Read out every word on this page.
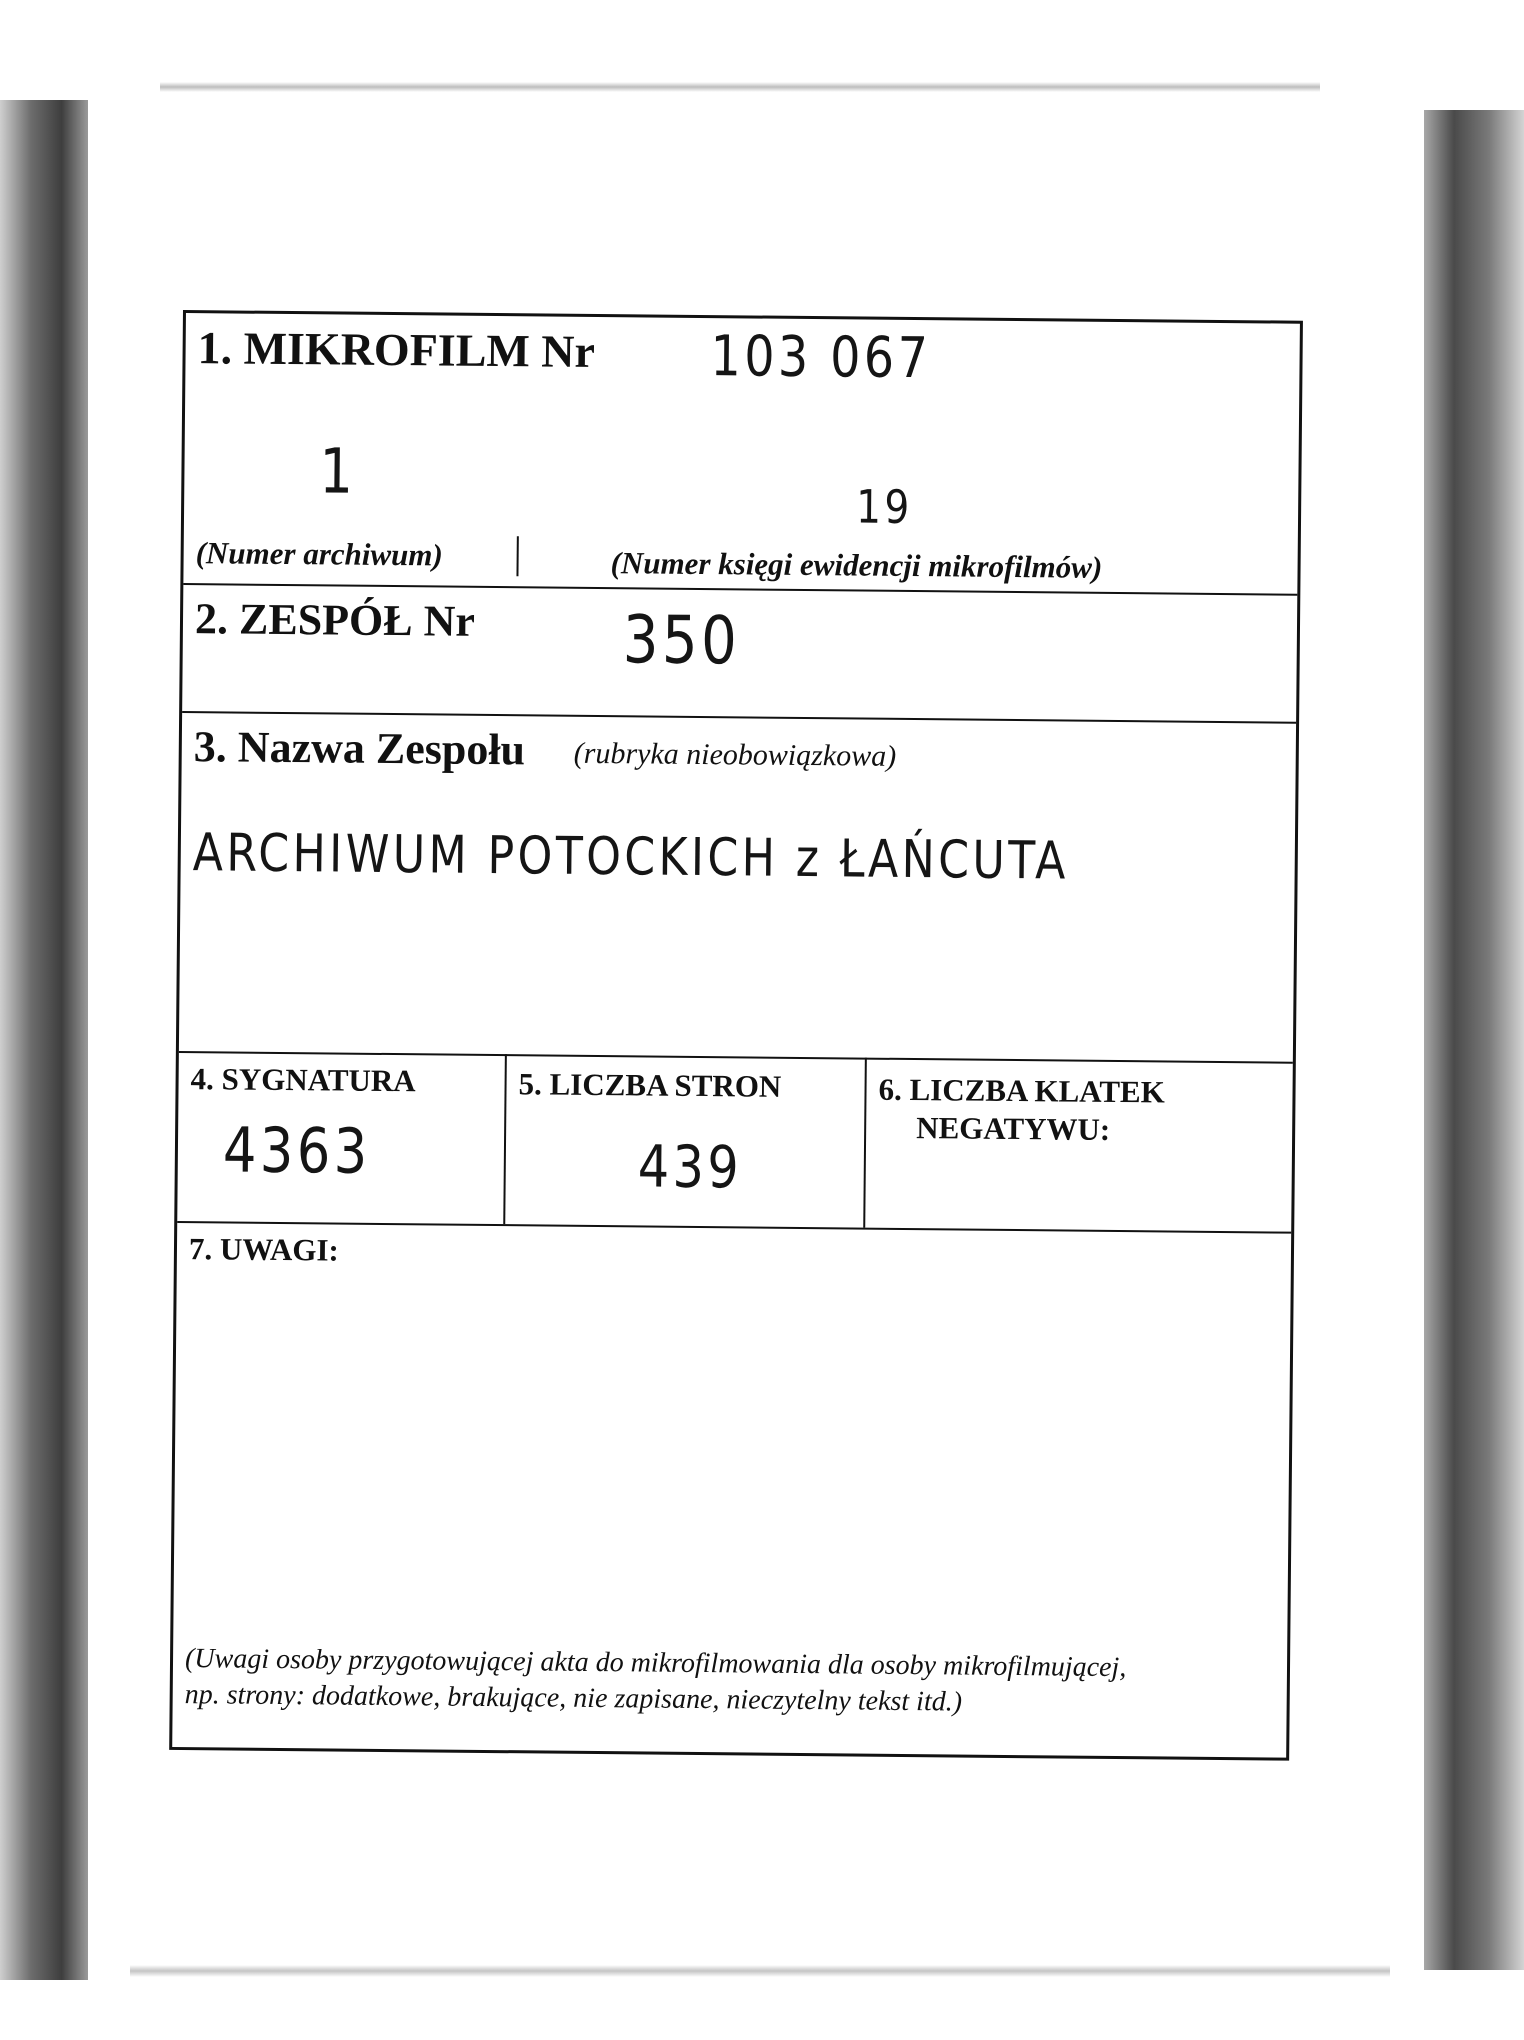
1. MIKROFILM Nr 103 067
1	19
(Numer archiwum)	(Numer księgi ewidencji mikrofilmów)
2. ZESPÓŁ Nr 350
3. Nazwa Zespołu (rubryka nieobowiązkowa)
ARCHIWUM POTOCKICH z ŁAŃCUTA
4. SYGNATURA
4363
5. LICZBA STRON
439
6. LICZBA KLATEK
NEGATYWU:
7. UWAGI:
(Uwagi osoby przygotowującej akta do mikrofilmowania dla osoby mikrofilmującej,
np. strony: dodatkowe, brakujące, nie zapisane, nieczytelny tekst itd.)
